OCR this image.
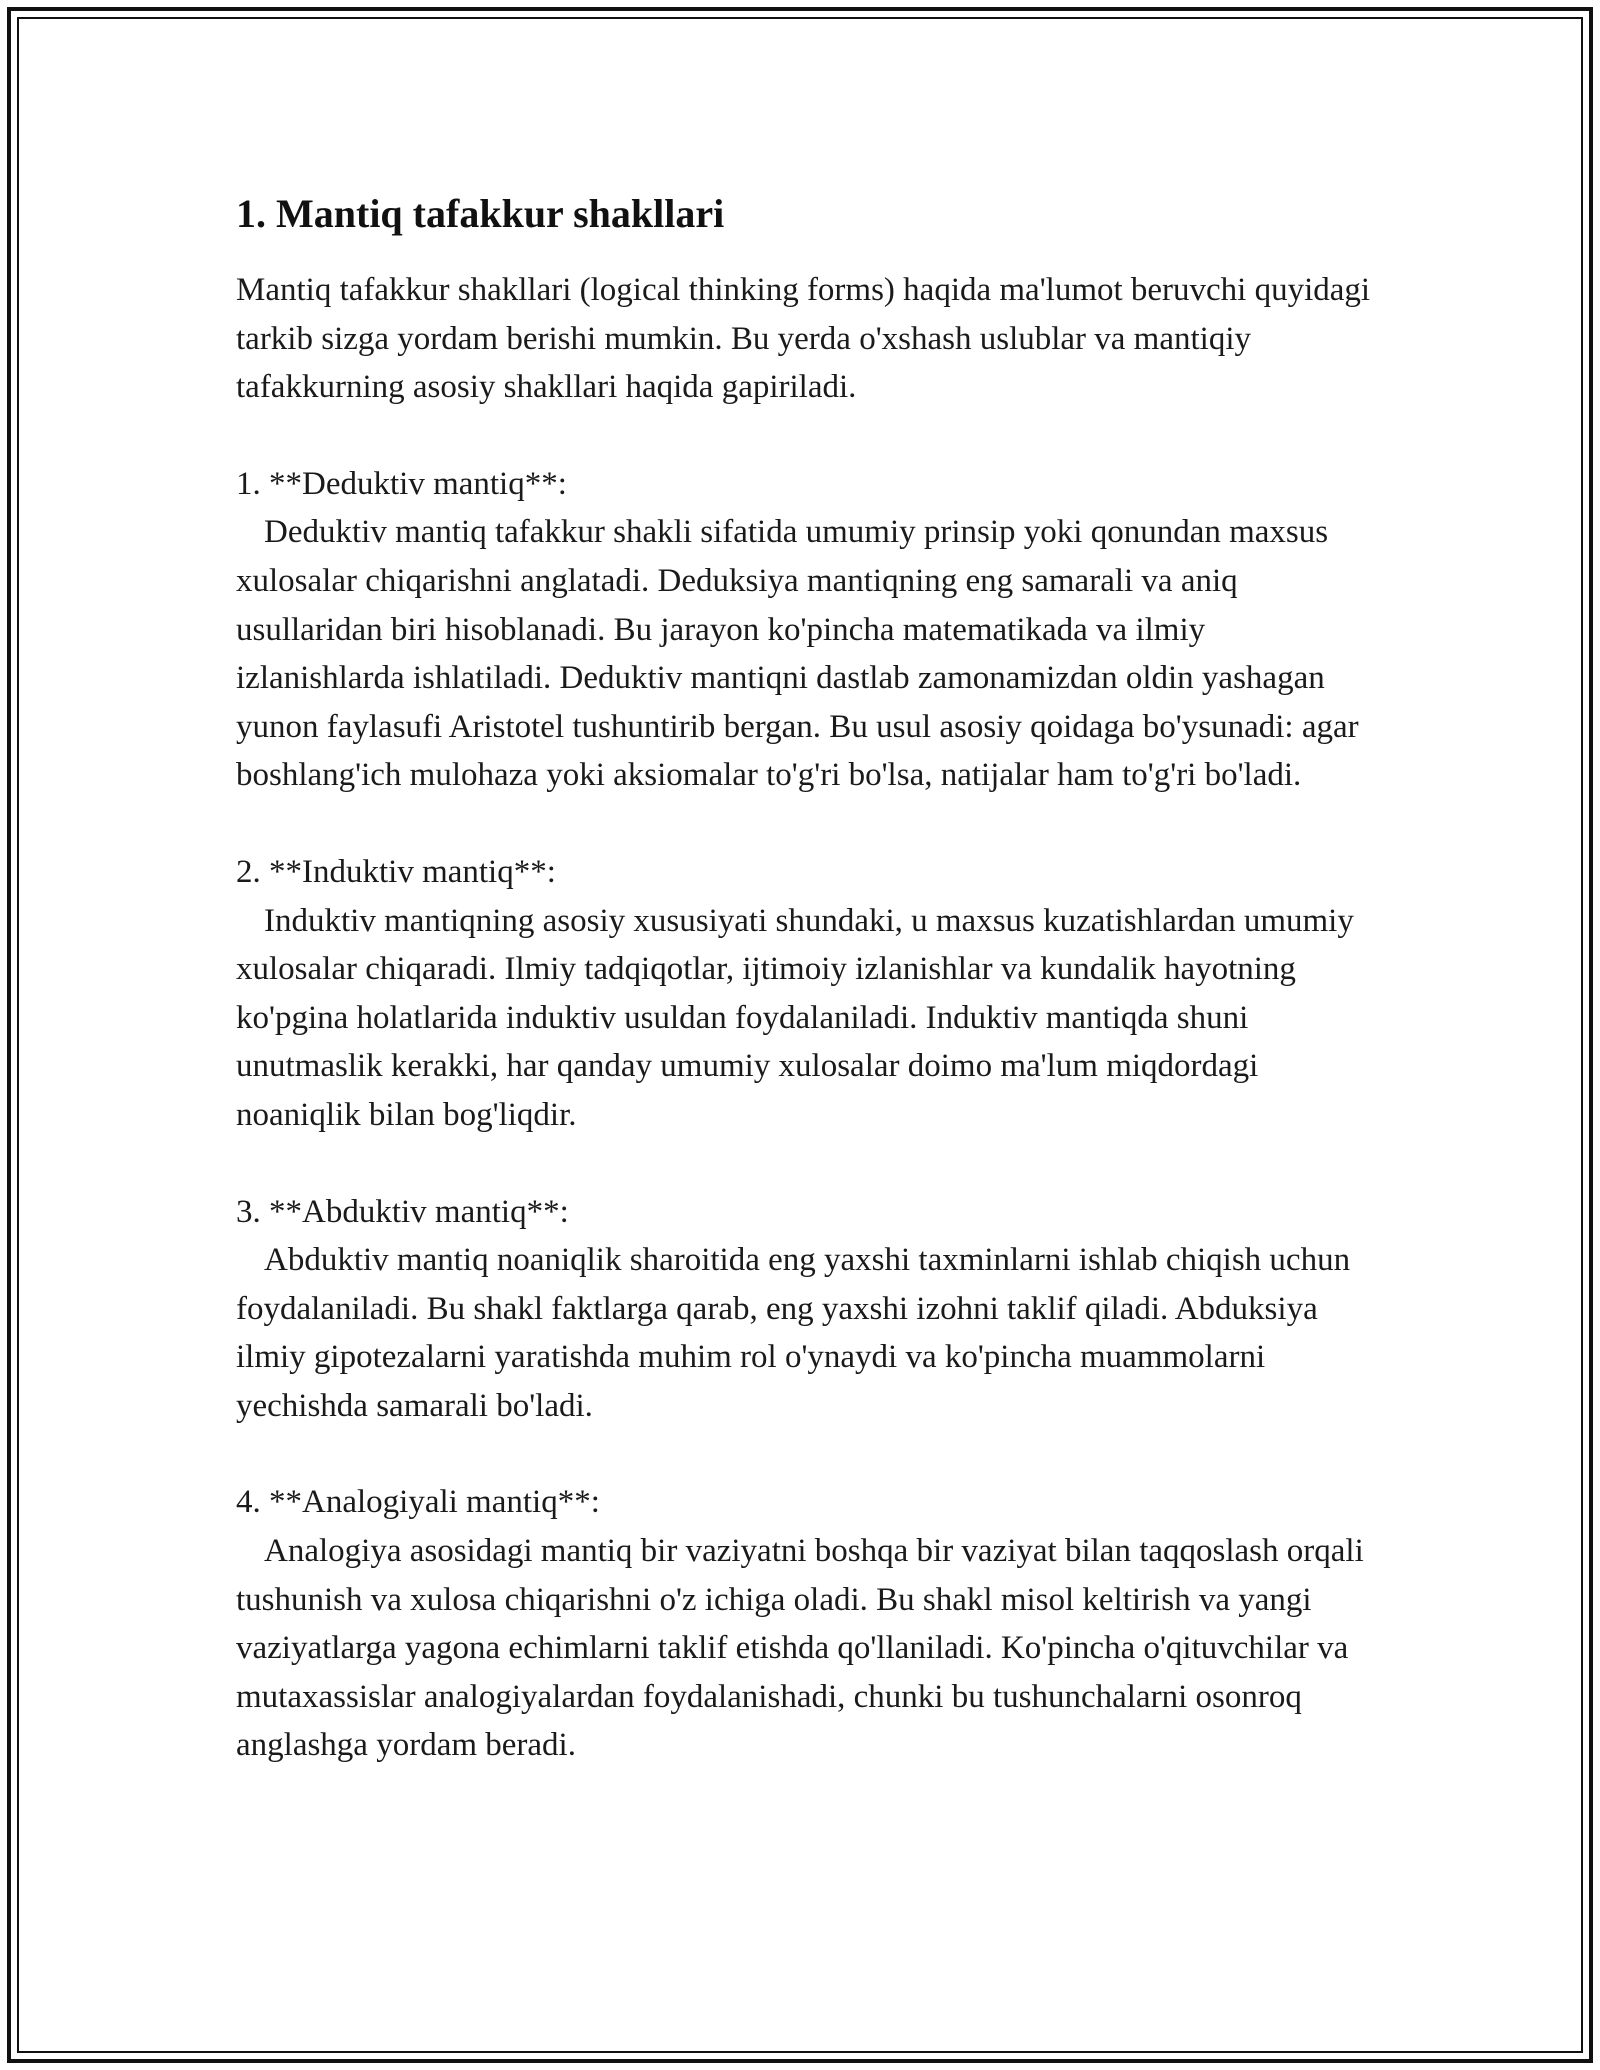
1. Mantiq tafakkur shakllari

Mantiq tafakkur shakllari (logical thinking forms) haqida ma'lumot beruvchi quyidagi tarkib sizga yordam berishi mumkin. Bu yerda o'xshash uslublar va mantiqiy tafakkurning asosiy shakllari haqida gapiriladi.

1. **Deduktiv mantiq**:

Deduktiv mantiq tafakkur shakli sifatida umumiy prinsip yoki qonundan maxsus xulosalar chiqarishni anglatadi. Deduksiya mantiqning eng samarali va aniq usullaridan biri hisoblanadi. Bu jarayon ko'pincha matematikada va ilmiy izlanishlarda ishlatiladi. Deduktiv mantiqni dastlab zamonamizdan oldin yashagan yunon faylasufi Aristotel tushuntirib bergan. Bu usul asosiy qoidaga bo'ysunadi: agar boshlang'ich mulohaza yoki aksiomalar to'g'ri bo'lsa, natijalar ham to'g'ri bo'ladi.

2. **Induktiv mantiq**:

Induktiv mantiqning asosiy xususiyati shundaki, u maxsus kuzatishlardan umumiy xulosalar chiqaradi. Ilmiy tadqiqotlar, ijtimoiy izlanishlar va kundalik hayotning ko'pgina holatlarida induktiv usuldan foydalaniladi. Induktiv mantiqda shuni unutmaslik kerakki, har qanday umumiy xulosalar doimo ma'lum miqdordagi noaniqlik bilan bog'liqdir.

3. **Abduktiv mantiq**:

Abduktiv mantiq noaniqlik sharoitida eng yaxshi taxminlarni ishlab chiqish uchun foydalaniladi. Bu shakl faktlarga qarab, eng yaxshi izohni taklif qiladi. Abduksiya ilmiy gipotezalarni yaratishda muhim rol o'ynaydi va ko'pincha muammolarni yechishda samarali bo'ladi.

4. **Analogiyali mantiq**:

Analogiya asosidagi mantiq bir vaziyatni boshqa bir vaziyat bilan taqqoslash orqali tushunish va xulosa chiqarishni o'z ichiga oladi. Bu shakl misol keltirish va yangi vaziyatlarga yagona echimlarni taklif etishda qo'llaniladi. Ko'pincha o'qituvchilar va mutaxassislar analogiyalardan foydalanishadi, chunki bu tushunchalarni osonroq anglashga yordam beradi.
